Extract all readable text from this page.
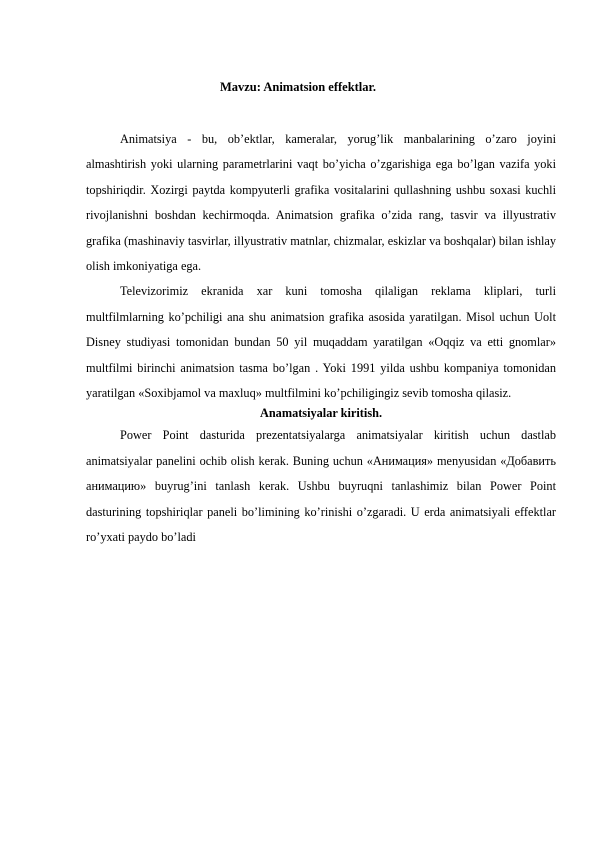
Mavzu: Animatsion effektlar.

Animatsiya - bu, ob’ektlar, kameralar, yorug’lik manbalarining o’zaro joyini almashtirish yoki ularning parametrlarini vaqt bo’yicha o’zgarishiga ega bo’lgan vazifa yoki topshiriqdir. Xozirgi paytda kompyuterli grafika vositalarini qullashning ushbu soxasi kuchli rivojlanishni boshdan kechirmoqda. Animatsion grafika o’zida rang, tasvir va illyustrativ grafika (mashinaviy tasvirlar, illyustrativ matnlar, chizmalar, eskizlar va boshqalar) bilan ishlay olish imkoniyatiga ega.

Televizorimiz ekranida xar kuni tomosha qilaligan reklama kliplari, turli multfilmlarning ko’pchiligi ana shu animatsion grafika asosida yaratilgan. Misol uchun Uolt Disney studiyasi tomonidan bundan 50 yil muqaddam yaratilgan «Oqqiz va etti gnomlar» multfilmi birinchi animatsion tasma bo’lgan . Yoki 1991 yilda ushbu kompaniya tomonidan yaratilgan «Soxibjamol va maxluq» multfilmini ko’pchiligingiz sevib tomosha qilasiz.

Anamatsiyalar kiritish.

Power Point dasturida prezentatsiyalarga animatsiyalar kiritish uchun dastlab animatsiyalar panelini ochib olish kerak. Buning uchun «Анимация» menyusidan «Добавить анимацию» buyrug’ini tanlash kerak. Ushbu buyruqni tanlashimiz bilan Power Point dasturining topshiriqlar paneli bo’limining ko’rinishi o’zgaradi. U erda animatsiyali effektlar ro’yxati paydo bo’ladi
